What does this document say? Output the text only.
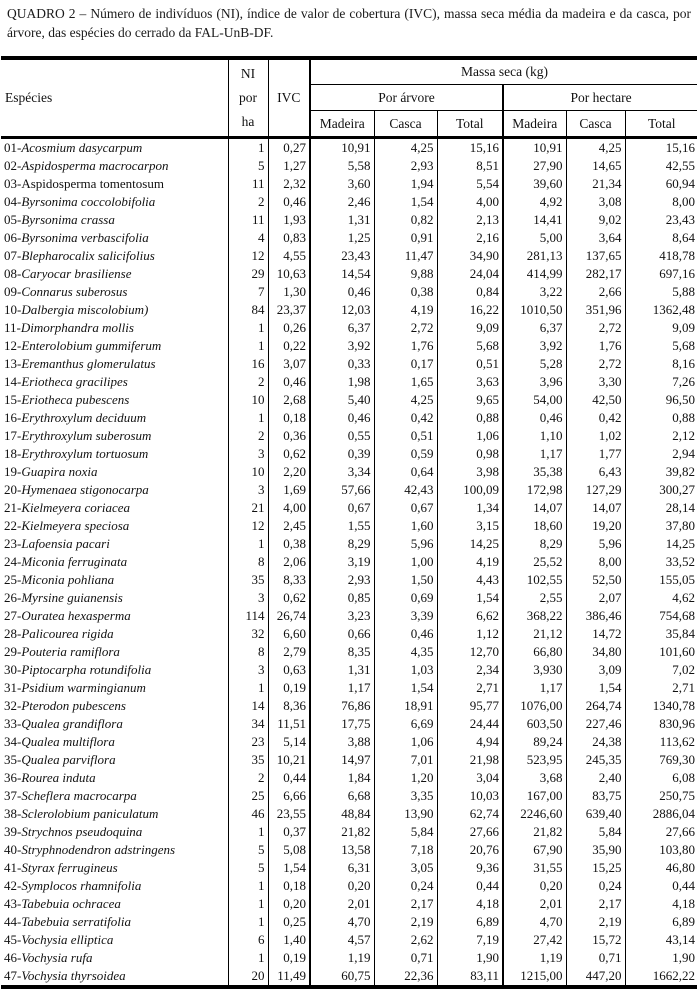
QUADRO 2 – Número de indivíduos (NI), índice de valor de cobertura (IVC), massa seca média da madeira e da casca, por árvore, das espécies do cerrado da FAL-UnB-DF.

Espécies	NI
por
ha	IVC	Massa seca (kg)					
			Por árvore			Por hectare		
			Madeira	Casca	Total	Madeira	Casca	Total
01-Acosmium dasycarpum	1	0,27	10,91	4,25	15,16	10,91	4,25	15,16
02-Aspidosperma macrocarpon	5	1,27	5,58	2,93	8,51	27,90	14,65	42,55
03-Aspidosperma tomentosum	11	2,32	3,60	1,94	5,54	39,60	21,34	60,94
04-Byrsonima coccolobifolia	2	0,46	2,46	1,54	4,00	4,92	3,08	8,00
05-Byrsonima crassa	11	1,93	1,31	0,82	2,13	14,41	9,02	23,43
06-Byrsonima verbascifolia	4	0,83	1,25	0,91	2,16	5,00	3,64	8,64
07-Blepharocalix salicifolius	12	4,55	23,43	11,47	34,90	281,13	137,65	418,78
08-Caryocar brasiliense	29	10,63	14,54	9,88	24,04	414,99	282,17	697,16
09-Connarus suberosus	7	1,30	0,46	0,38	0,84	3,22	2,66	5,88
10-Dalbergia miscolobium)	84	23,37	12,03	4,19	16,22	1010,50	351,96	1362,48
11-Dimorphandra mollis	1	0,26	6,37	2,72	9,09	6,37	2,72	9,09
12-Enterolobium gummiferum	1	0,22	3,92	1,76	5,68	3,92	1,76	5,68
13-Eremanthus glomerulatus	16	3,07	0,33	0,17	0,51	5,28	2,72	8,16
14-Eriotheca gracilipes	2	0,46	1,98	1,65	3,63	3,96	3,30	7,26
15-Eriotheca pubescens	10	2,68	5,40	4,25	9,65	54,00	42,50	96,50
16-Erythroxylum deciduum	1	0,18	0,46	0,42	0,88	0,46	0,42	0,88
17-Erythroxylum suberosum	2	0,36	0,55	0,51	1,06	1,10	1,02	2,12
18-Erythroxylum tortuosum	3	0,62	0,39	0,59	0,98	1,17	1,77	2,94
19-Guapira noxia	10	2,20	3,34	0,64	3,98	35,38	6,43	39,82
20-Hymenaea stigonocarpa	3	1,69	57,66	42,43	100,09	172,98	127,29	300,27
21-Kielmeyera coriacea	21	4,00	0,67	0,67	1,34	14,07	14,07	28,14
22-Kielmeyera speciosa	12	2,45	1,55	1,60	3,15	18,60	19,20	37,80
23-Lafoensia pacari	1	0,38	8,29	5,96	14,25	8,29	5,96	14,25
24-Miconia ferruginata	8	2,06	3,19	1,00	4,19	25,52	8,00	33,52
25-Miconia pohliana	35	8,33	2,93	1,50	4,43	102,55	52,50	155,05
26-Myrsine guianensis	3	0,62	0,85	0,69	1,54	2,55	2,07	4,62
27-Ouratea hexasperma	114	26,74	3,23	3,39	6,62	368,22	386,46	754,68
28-Palicourea rigida	32	6,60	0,66	0,46	1,12	21,12	14,72	35,84
29-Pouteria ramiflora	8	2,79	8,35	4,35	12,70	66,80	34,80	101,60
30-Piptocarpha rotundifolia	3	0,63	1,31	1,03	2,34	3,930	3,09	7,02
31-Psidium warmingianum	1	0,19	1,17	1,54	2,71	1,17	1,54	2,71
32-Pterodon pubescens	14	8,36	76,86	18,91	95,77	1076,00	264,74	1340,78
33-Qualea grandiflora	34	11,51	17,75	6,69	24,44	603,50	227,46	830,96
34-Qualea multiflora	23	5,14	3,88	1,06	4,94	89,24	24,38	113,62
35-Qualea parviflora	35	10,21	14,97	7,01	21,98	523,95	245,35	769,30
36-Rourea induta	2	0,44	1,84	1,20	3,04	3,68	2,40	6,08
37-Scheflera macrocarpa	25	6,66	6,68	3,35	10,03	167,00	83,75	250,75
38-Sclerolobium paniculatum	46	23,55	48,84	13,90	62,74	2246,60	639,40	2886,04
39-Strychnos pseudoquina	1	0,37	21,82	5,84	27,66	21,82	5,84	27,66
40-Stryphnodendron adstringens	5	5,08	13,58	7,18	20,76	67,90	35,90	103,80
41-Styrax ferrugineus	5	1,54	6,31	3,05	9,36	31,55	15,25	46,80
42-Symplocos rhamnifolia	1	0,18	0,20	0,24	0,44	0,20	0,24	0,44
43-Tabebuia ochracea	1	0,20	2,01	2,17	4,18	2,01	2,17	4,18
44-Tabebuia serratifolia	1	0,25	4,70	2,19	6,89	4,70	2,19	6,89
45-Vochysia elliptica	6	1,40	4,57	2,62	7,19	27,42	15,72	43,14
46-Vochysia rufa	1	0,19	1,19	0,71	1,90	1,19	0,71	1,90
47-Vochysia thyrsoidea	20	11,49	60,75	22,36	83,11	1215,00	447,20	1662,22
